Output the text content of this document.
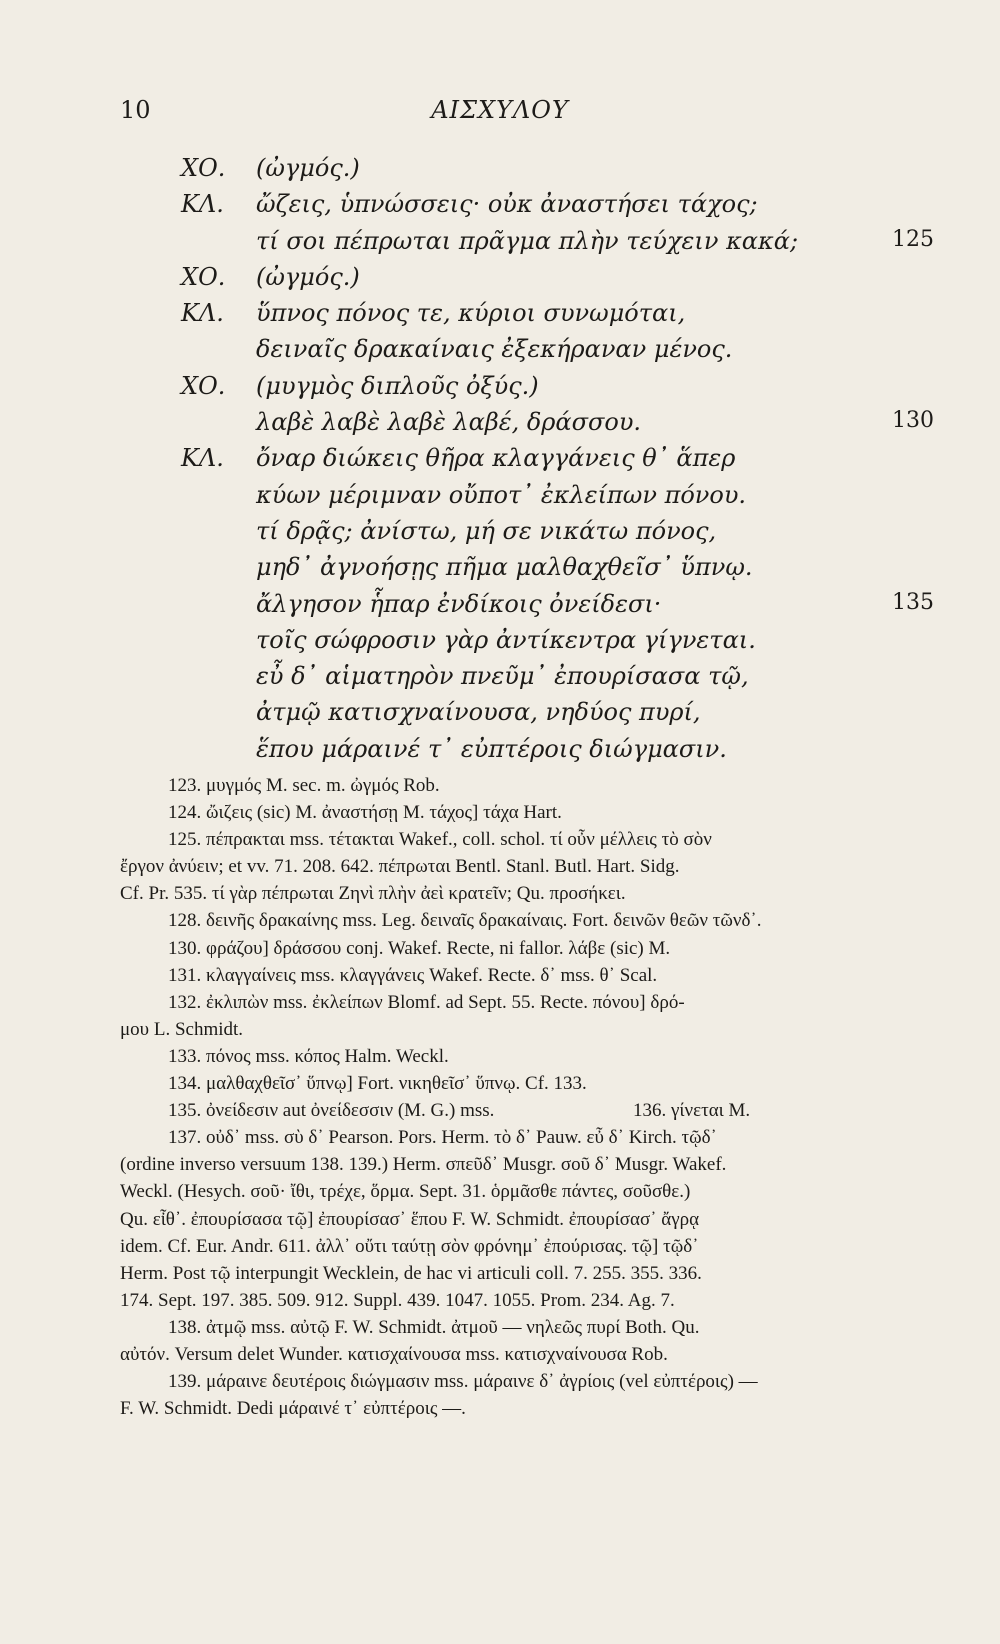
10	ΑΙΣΧΥΛΟΥ
ΧΟ. (ὠγμός.)
ΚΛ. ὤζεις, ὑπνώσσεις· οὐκ ἀναστήσει τάχος;
τί σοι πέπρωται πρᾶγμα πλὴν τεύχειν κακά;	125
ΧΟ. (ὠγμός.)
ΚΛ. ὕπνος πόνος τε, κύριοι συνωμόται,
δειναῖς δρακαίναις ἐξεκήραναν μένος.
ΧΟ. (μυγμὸς διπλοῦς ὀξύς.)
λαβὲ λαβὲ λαβὲ λαβέ, δράσσου.	130
ΚΛ. ὄναρ διώκεις θῆρα κλαγγάνεις θ᾽ ἅπερ
κύων μέριμναν οὔποτ᾽ ἐκλείπων πόνου.
τί δρᾷς; ἀνίστω, μή σε νικάτω πόνος,
μηδ᾽ ἀγνοήσῃς πῆμα μαλθαχθεῖσ᾽ ὕπνῳ.
ἄλγησον ἧπαρ ἐνδίκοις ὀνείδεσι·	135
τοῖς σώφροσιν γὰρ ἀντίκεντρα γίγνεται.
εὖ δ᾽ αἱματηρὸν πνεῦμ᾽ ἐπουρίσασα τῷ,
ἀτμῷ κατισχναίνουσα, νηδύος πυρί,
ἕπου μάραινέ τ᾽ εὐπτέροις διώγμασιν.
123. μυγμός M. sec. m. ὠγμός Rob.
124. ὤιζεις (sic) M. ἀναστήσῃ M. τάχος] τάχα Hart.
125. πέπρακται mss. τέτακται Wakef., coll. schol. τί οὖν μέλλεις τὸ σὸν
ἔργον ἀνύειν; et vv. 71. 208. 642. πέπρωται Bentl. Stanl. Butl. Hart. Sidg.
Cf. Pr. 535. τί γὰρ πέπρωται Ζηνὶ πλὴν ἀεὶ κρατεῖν; Qu. προσήκει.
128. δεινῆς δρακαίνης mss. Leg. δειναῖς δρακαίναις. Fort. δεινῶν θεῶν τῶνδ᾽.
130. φράζου] δράσσου conj. Wakef. Recte, ni fallor. λάβε (sic) M.
131. κλαγγαίνεις mss. κλαγγάνεις Wakef. Recte. δ᾽ mss. θ᾽ Scal.
132. ἐκλιπὼν mss. ἐκλείπων Blomf. ad Sept. 55. Recte. πόνου] δρό-
μου L. Schmidt.
133. πόνος mss. κόπος Halm. Weckl.
134. μαλθαχθεῖσ᾽ ὕπνῳ] Fort. νικηθεῖσ᾽ ὕπνῳ. Cf. 133.
135. ὀνείδεσιν aut ὀνείδεσσιν (M. G.) mss.	136. γίνεται M.
137. οὐδ᾽ mss. σὺ δ᾽ Pearson. Pors. Herm. τὸ δ᾽ Pauw. εὖ δ᾽ Kirch. τῷδ᾽
(ordine inverso versuum 138. 139.) Herm. σπεῦδ᾽ Musgr. σοῦ δ᾽ Musgr. Wakef.
Weckl. (Hesych. σοῦ· ἴθι, τρέχε, ὅρμα. Sept. 31. ὁρμᾶσθε πάντες, σοῦσθε.)
Qu. εἶθ᾽. ἐπουρίσασα τῷ] ἐπουρίσασ᾽ ἕπου F. W. Schmidt. ἐπουρίσασ᾽ ἄγρᾳ
idem. Cf. Eur. Andr. 611. ἀλλ᾽ οὔτι ταύτῃ σὸν φρόνημ᾽ ἐπούρισας. τῷ] τῷδ᾽
Herm. Post τῷ interpungit Wecklein, de hac vi articuli coll. 7. 255. 355. 336.
174. Sept. 197. 385. 509. 912. Suppl. 439. 1047. 1055. Prom. 234. Ag. 7.
138. ἀτμῷ mss. αὐτῷ F. W. Schmidt. ἀτμοῦ — νηλεῶς πυρί Both. Qu.
αὐτόν. Versum delet Wunder. κατισχαίνουσα mss. κατισχναίνουσα Rob.
139. μάραινε δευτέροις διώγμασιν mss. μάραινε δ᾽ ἀγρίοις (vel εὐπτέροις) —
F. W. Schmidt. Dedi μάραινέ τ᾽ εὐπτέροις —.
